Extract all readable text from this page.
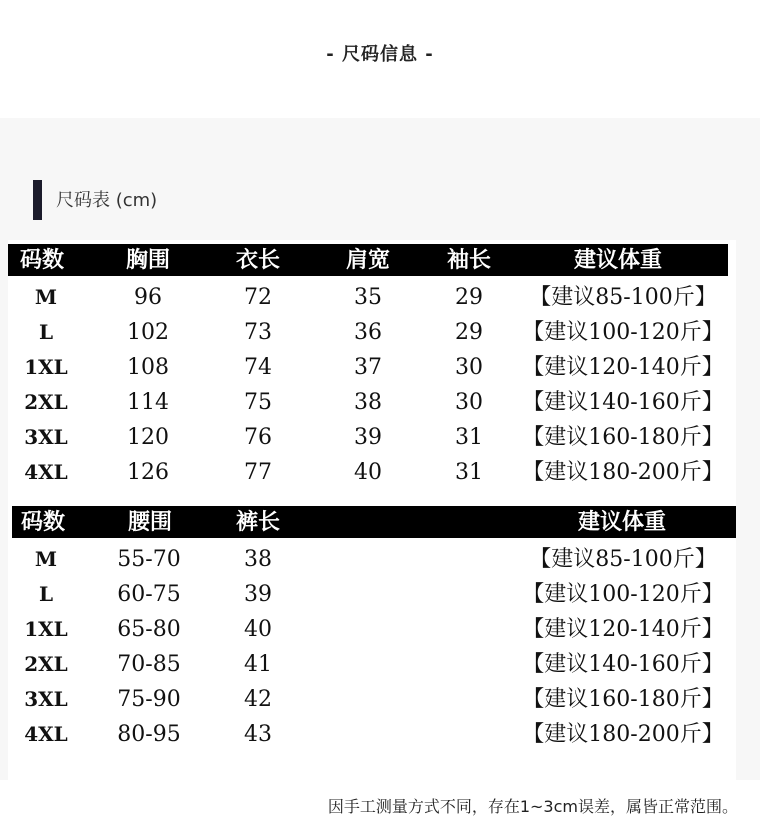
- 尺码信息 -
尺码表 (cm)
码数	胸围	衣长	肩宽	袖长	建议体重
M	96	72	35	29	【建议85-100斤】
L	102	73	36	29	【建议100-120斤】
1XL	108	74	37	30	【建议120-140斤】
2XL	114	75	38	30	【建议140-160斤】
3XL	120	76	39	31	【建议160-180斤】
4XL	126	77	40	31	【建议180-200斤】
码数	腰围	裤长	建议体重
M	55-70	38	【建议85-100斤】
L	60-75	39	【建议100-120斤】
1XL	65-80	40	【建议120-140斤】
2XL	70-85	41	【建议140-160斤】
3XL	75-90	42	【建议160-180斤】
4XL	80-95	43	【建议180-200斤】
因手工测量方式不同，存在1~3cm误差，属皆正常范围。
